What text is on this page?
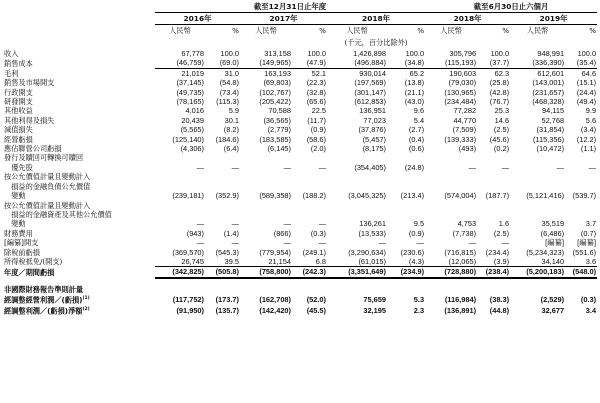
	截至12月31日止年度						截至6月30日止六個月			
	2016年		2017年		2018年		2018年		2019年	
	人民幣	%	人民幣	%	人民幣	%	人民幣	%	人民幣	%
					(千元，百分比除外)					
收入	67,778	100.0	313,158	100.0	1,426,898	100.0	305,796	100.0	948,991	100.0
銷售成本	(46,759)	(69.0)	(149,965)	(47.9)	(496,884)	(34.8)	(115,193)	(37.7)	(336,390)	(35.4)
毛利	21,019	31.0	163,193	52.1	930,014	65.2	190,603	62.3	612,601	64.6
銷售及市場開支	(37,145)	(54.8)	(69,803)	(22.3)	(197,569)	(13.8)	(79,030)	(25.8)	(143,001)	(15.1)
行政開支	(49,735)	(73.4)	(102,767)	(32.8)	(301,147)	(21.1)	(130,965)	(42.8)	(231,657)	(24.4)
研發開支	(78,165)	(115.3)	(205,422)	(65.6)	(612,853)	(43.0)	(234,484)	(76.7)	(468,328)	(49.4)
其他收益	4,016	5.9	70,588	22.5	136,951	9.6	77,282	25.3	94,115	9.9
其他利得及損失	20,439	30.1	(36,565)	(11.7)	77,023	5.4	44,770	14.6	52,768	5.6
減值損失	(5,565)	(8.2)	(2,779)	(0.9)	(37,876)	(2.7)	(7,509)	(2.5)	(31,854)	(3.4)
經營虧損	(125,140)	(184.6)	(183,585)	(58.6)	(5,457)	(0.4)	(139,333)	(45.6)	(115,356)	(12.2)
應佔聯營公司虧損	(4,306)	(6.4)	(6,145)	(2.0)	(8,175)	(0.6)	(493)	(0.2)	(10,472)	(1.1)
發行及贖回可轉換可贖回										
　優先股	—	—	—	—	(354,405)	(24.8)	—	—	—	—
按公允價值計量且變動計入										
　損益的金融負債公允價值										
　變動	(239,181)	(352.9)	(589,358)	(188.2)	(3,045,325)	(213.4)	(574,004)	(187.7)	(5,121,416)	(539.7)
按公允價值計量且變動計入										
　損益的金融資產及其他公允價值										
　變動	—	—	—	—	136,261	9.5	4,753	1.6	35,519	3.7
財務費用	(943)	(1.4)	(866)	(0.3)	(13,533)	(0.9)	(7,738)	(2.5)	(6,486)	(0.7)
[編纂]開支	—	—	—	—	—	—	—	—	[編纂]	[編纂]
除稅前虧損	(369,570)	(545.3)	(779,954)	(249.1)	(3,290,634)	(230.6)	(716,815)	(234.4)	(5,234,323)	(551.6)
所得稅抵免/(開支)	26,745	39.5	21,154	6.8	(61,015)	(4.3)	(12,065)	(3.9)	34,140	3.6
年度／期間虧損	(342,825)	(505.8)	(758,800)	(242.3)	(3,351,649)	(234.9)	(728,880)	(238.4)	(5,200,183)	(548.0)

非國際財務報告準則計量										
經調整經營利潤／(虧損)$^{(1)}$	(117,752)	(173.7)	(162,708)	(52.0)	75,659	5.3	(116,984)	(38.3)	(2,529)	(0.3)
經調整利潤／(虧損)淨額$^{(2)}$	(91,950)	(135.7)	(142,420)	(45.5)	32,195	2.3	(136,891)	(44.8)	32,677	3.4
